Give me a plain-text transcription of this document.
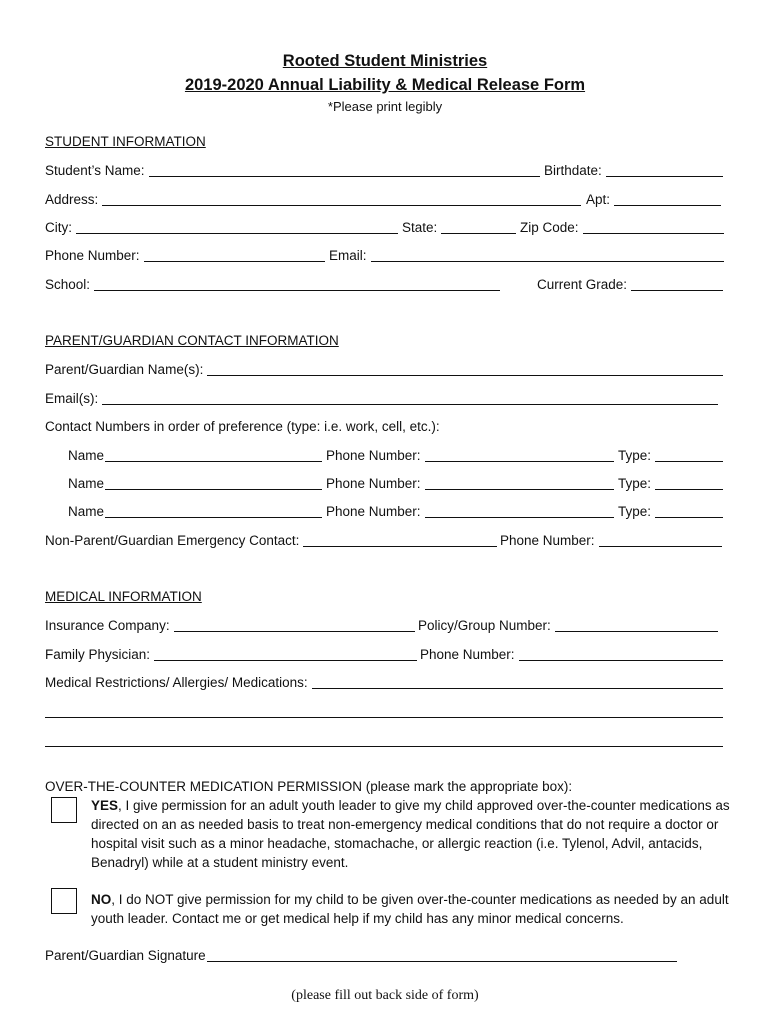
Rooted Student Ministries
2019-2020 Annual Liability & Medical Release Form
*Please print legibly
STUDENT INFORMATION
Student’s Name:	Birthdate:
Address:	Apt:
City:	State:	Zip Code:
Phone Number:	Email:
School:	Current Grade:
PARENT/GUARDIAN CONTACT INFORMATION
Parent/Guardian Name(s):
Email(s):
Contact Numbers in order of preference (type: i.e. work, cell, etc.):
Name	Phone Number:	Type:
Name	Phone Number:	Type:
Name	Phone Number:	Type:
Non-Parent/Guardian Emergency Contact:	Phone Number:
MEDICAL INFORMATION
Insurance Company:	Policy/Group Number:
Family Physician:	Phone Number:
Medical Restrictions/ Allergies/ Medications:
OVER-THE-COUNTER MEDICATION PERMISSION (please mark the appropriate box):
YES, I give permission for an adult youth leader to give my child approved over-the-counter medications as directed on an as needed basis to treat non-emergency medical conditions that do not require a doctor or hospital visit such as a minor headache, stomachache, or allergic reaction (i.e. Tylenol, Advil, antacids, Benadryl) while at a student ministry event.
NO, I do NOT give permission for my child to be given over-the-counter medications as needed by an adult youth leader. Contact me or get medical help if my child has any minor medical concerns.
Parent/Guardian Signature
(please fill out back side of form)
